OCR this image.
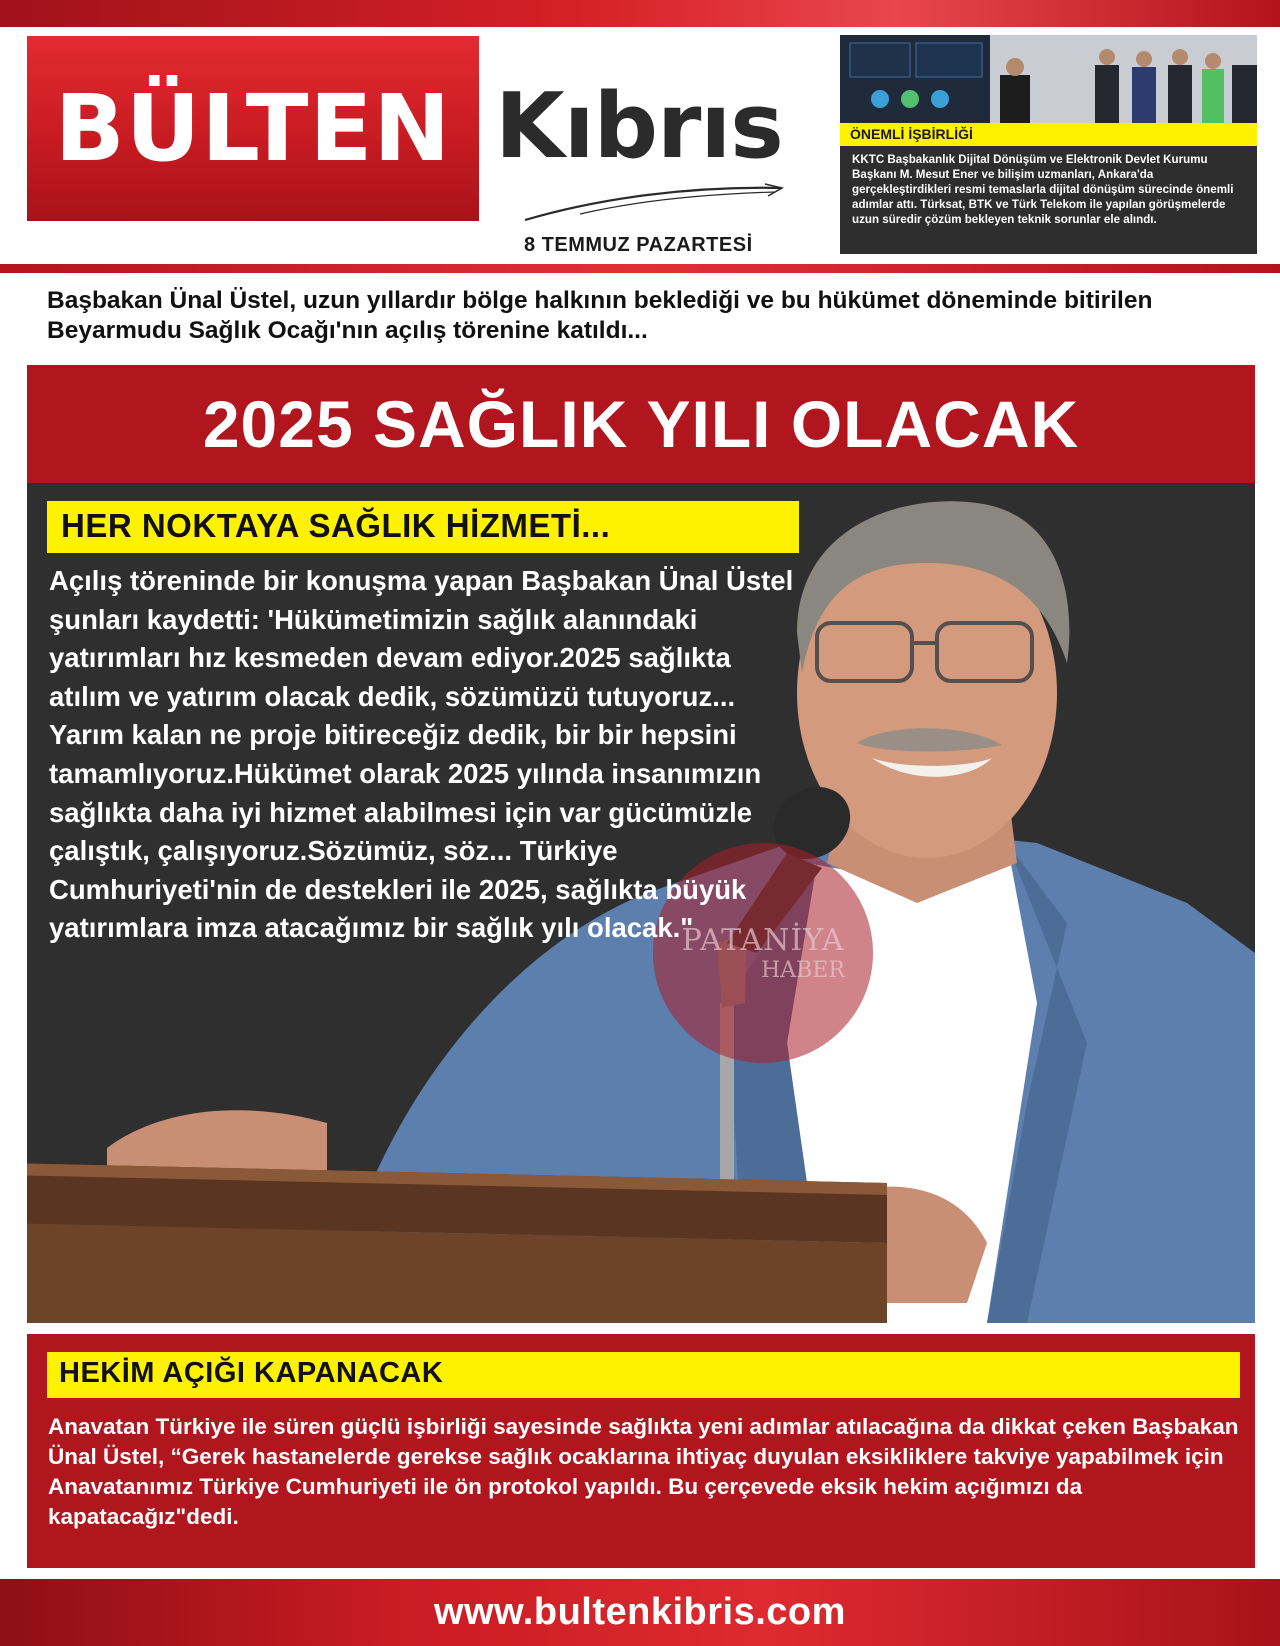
BÜLTEN Kıbrıs
8 TEMMUZ PAZARTESİ
ÖNEMLİ İŞBİRLİĞİ
KKTC Başbakanlık Dijital Dönüşüm ve Elektronik Devlet Kurumu Başkanı M. Mesut Ener ve bilişim uzmanları, Ankara'da gerçekleştirdikleri resmi temaslarla dijital dönüşüm sürecinde önemli adımlar attı. Türksat, BTK ve Türk Telekom ile yapılan görüşmelerde uzun süredir çözüm bekleyen teknik sorunlar ele alındı.
Başbakan Ünal Üstel, uzun yıllardır bölge halkının beklediği ve bu hükümet döneminde bitirilen Beyarmudu Sağlık Ocağı'nın açılış törenine katıldı...
2025 SAĞLIK YILI OLACAK
HER NOKTAYA SAĞLIK HİZMETİ...
Açılış töreninde bir konuşma yapan Başbakan Ünal Üstel şunları kaydetti: 'Hükümetimizin sağlık alanındaki yatırımları hız kesmeden devam ediyor.2025 sağlıkta atılım ve yatırım olacak dedik, sözümüzü tutuyoruz... Yarım kalan ne proje bitireceğiz dedik, bir bir hepsini tamamlıyoruz.Hükümet olarak 2025 yılında insanımızın sağlıkta daha iyi hizmet alabilmesi için var gücümüzle çalıştık, çalışıyoruz.Sözümüz, söz... Türkiye Cumhuriyeti'nin de destekleri ile 2025, sağlıkta büyük yatırımlara imza atacağımız bir sağlık yılı olacak."
PATANİYA
HABER
HEKİM AÇIĞI KAPANACAK
Anavatan Türkiye ile süren güçlü işbirliği sayesinde sağlıkta yeni adımlar atılacağına da dikkat çeken Başbakan Ünal Üstel, “Gerek hastanelerde gerekse sağlık ocaklarına ihtiyaç duyulan eksikliklere takviye yapabilmek için Anavatanımız Türkiye Cumhuriyeti ile ön protokol yapıldı. Bu çerçevede eksik hekim açığımızı da kapatacağız"dedi.
www.bultenkibris.com
